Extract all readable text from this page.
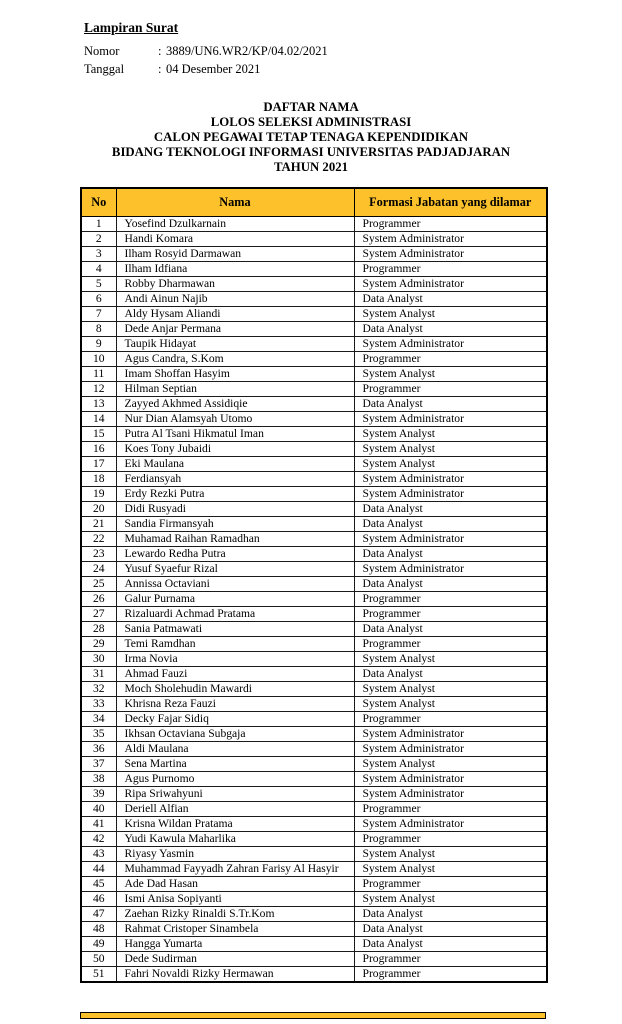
Lampiran Surat
Nomor	: 3889/UN6.WR2/KP/04.02/2021
Tanggal	: 04 Desember 2021
DAFTAR NAMA
LOLOS SELEKSI ADMINISTRASI
CALON PEGAWAI TETAP TENAGA KEPENDIDIKAN
BIDANG TEKNOLOGI INFORMASI UNIVERSITAS PADJADJARAN
TAHUN 2021
No	Nama	Formasi Jabatan yang dilamar
1	Yosefind Dzulkarnain	Programmer
2	Handi Komara	System Administrator
3	Ilham Rosyid Darmawan	System Administrator
4	Ilham Idfiana	Programmer
5	Robby Dharmawan	System Administrator
6	Andi Ainun Najib	Data Analyst
7	Aldy Hysam Aliandi	System Analyst
8	Dede Anjar Permana	Data Analyst
9	Taupik Hidayat	System Administrator
10	Agus Candra, S.Kom	Programmer
11	Imam Shoffan Hasyim	System Analyst
12	Hilman Septian	Programmer
13	Zayyed Akhmed Assidiqie	Data Analyst
14	Nur Dian Alamsyah Utomo	System Administrator
15	Putra Al Tsani Hikmatul Iman	System Analyst
16	Koes Tony Jubaidi	System Analyst
17	Eki Maulana	System Analyst
18	Ferdiansyah	System Administrator
19	Erdy Rezki Putra	System Administrator
20	Didi Rusyadi	Data Analyst
21	Sandia Firmansyah	Data Analyst
22	Muhamad Raihan Ramadhan	System Administrator
23	Lewardo Redha Putra	Data Analyst
24	Yusuf Syaefur Rizal	System Administrator
25	Annissa Octaviani	Data Analyst
26	Galur Purnama	Programmer
27	Rizaluardi Achmad Pratama	Programmer
28	Sania Patmawati	Data Analyst
29	Temi Ramdhan	Programmer
30	Irma Novia	System Analyst
31	Ahmad Fauzi	Data Analyst
32	Moch Sholehudin Mawardi	System Analyst
33	Khrisna Reza Fauzi	System Analyst
34	Decky Fajar Sidiq	Programmer
35	Ikhsan Octaviana Subgaja	System Administrator
36	Aldi Maulana	System Administrator
37	Sena Martina	System Analyst
38	Agus Purnomo	System Administrator
39	Ripa Sriwahyuni	System Administrator
40	Deriell Alfian	Programmer
41	Krisna Wildan Pratama	System Administrator
42	Yudi Kawula Maharlika	Programmer
43	Riyasy Yasmin	System Analyst
44	Muhammad Fayyadh Zahran Farisy Al Hasyir	System Analyst
45	Ade Dad Hasan	Programmer
46	Ismi Anisa Sopiyanti	System Analyst
47	Zaehan Rizky Rinaldi S.Tr.Kom	Data Analyst
48	Rahmat Cristoper Sinambela	Data Analyst
49	Hangga Yumarta	Data Analyst
50	Dede Sudirman	Programmer
51	Fahri Novaldi Rizky Hermawan	Programmer
